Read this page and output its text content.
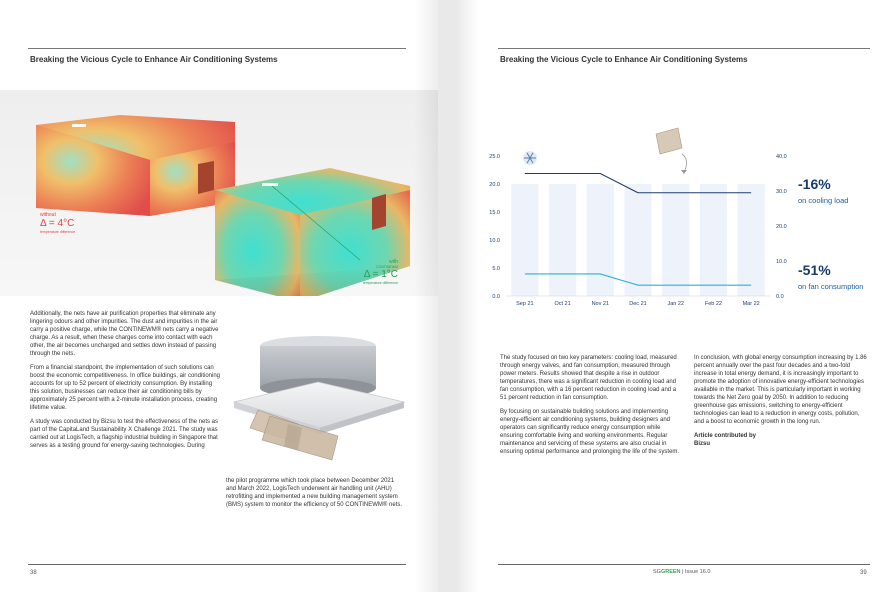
Breaking the Vicious Cycle to Enhance Air Conditioning Systems
without
Δ = 4°C
temperature difference
with
CONTINEWM
Δ = 1°C
temperature difference

Additionally, the nets have air purification properties that eliminate any lingering odours and other impurities. The dust and impurities in the air carry a positive charge, while the CONTINEWM® nets carry a negative charge. As a result, when these charges come into contact with each other, the air becomes uncharged and settles down instead of passing through the nets.

From a financial standpoint, the implementation of such solutions can boost the economic competitiveness. In office buildings, air conditioning accounts for up to 52 percent of electricity consumption. By installing this solution, businesses can reduce their air conditioning bills by approximately 25 percent with a 2-minute installation process, creating lifetime value.

A study was conducted by Bizsu to test the effectiveness of the nets as part of the CapitaLand Sustainability X Challenge 2021. The study was carried out at LogisTech, a flagship industrial building in Singapore that serves as a testing ground for energy-saving technologies. During

the pilot programme which took place between December 2021 and March 2022, LogisTech underwent air handling unit (AHU) retrofitting and implemented a new building management system (BMS) system to monitor the efficiency of 50 CONTINEWM® nets.

38
Breaking the Vicious Cycle to Enhance Air Conditioning Systems
25.0
20.0
15.0
10.0
5.0
0.0
40.0
30.0
20.0
10.0
0.0
Sep 21	Oct 21	Nov 21	Dec 21	Jan 22	Feb 22	Mar 22
-16%
on cooling load
-51%
on fan consumption

The study focused on two key parameters: cooling load, measured through energy valves, and fan consumption, measured through power meters. Results showed that despite a rise in outdoor temperatures, there was a significant reduction in cooling load and fan consumption, with a 16 percent reduction in cooling load and a 51 percent reduction in fan consumption.

By focusing on sustainable building solutions and implementing energy-efficient air conditioning systems, building designers and operators can significantly reduce energy consumption while ensuring comfortable living and working environments. Regular maintenance and servicing of these systems are also crucial in ensuring optimal performance and prolonging the life of the system.

In conclusion, with global energy consumption increasing by 1.86 percent annually over the past four decades and a two-fold increase in total energy demand, it is increasingly important to promote the adoption of innovative energy-efficient technologies available in the market. This is particularly important in working towards the Net Zero goal by 2050. In addition to reducing greenhouse gas emissions, switching to energy-efficient technologies can lead to a reduction in energy costs, pollution, and a boost to economic growth in the long run.

Article contributed by
Bizsu
SGGREEN | Issue 16.0	39
